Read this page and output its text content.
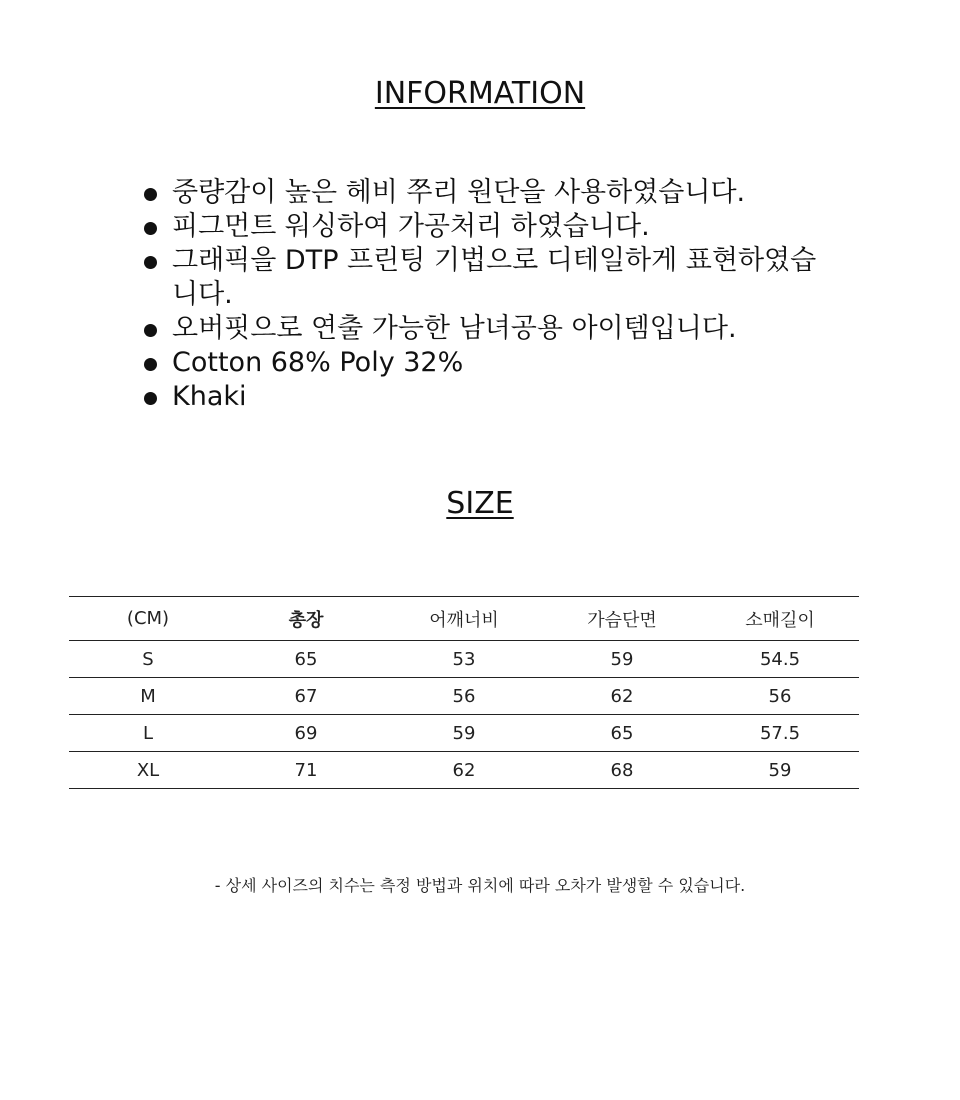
INFORMATION
중량감이 높은 헤비 쭈리 원단을 사용하였습니다.
피그먼트 워싱하여 가공처리 하였습니다.
그래픽을 DTP 프린팅 기법으로 디테일하게 표현하였습니다.
오버핏으로 연출 가능한 남녀공용 아이템입니다.
Cotton 68% Poly 32%
Khaki
SIZE
(CM)	총장	어깨너비	가슴단면	소매길이
S	65	53	59	54.5
M	67	56	62	56
L	69	59	65	57.5
XL	71	62	68	59
- 상세 사이즈의 치수는 측정 방법과 위치에 따라 오차가 발생할 수 있습니다.
